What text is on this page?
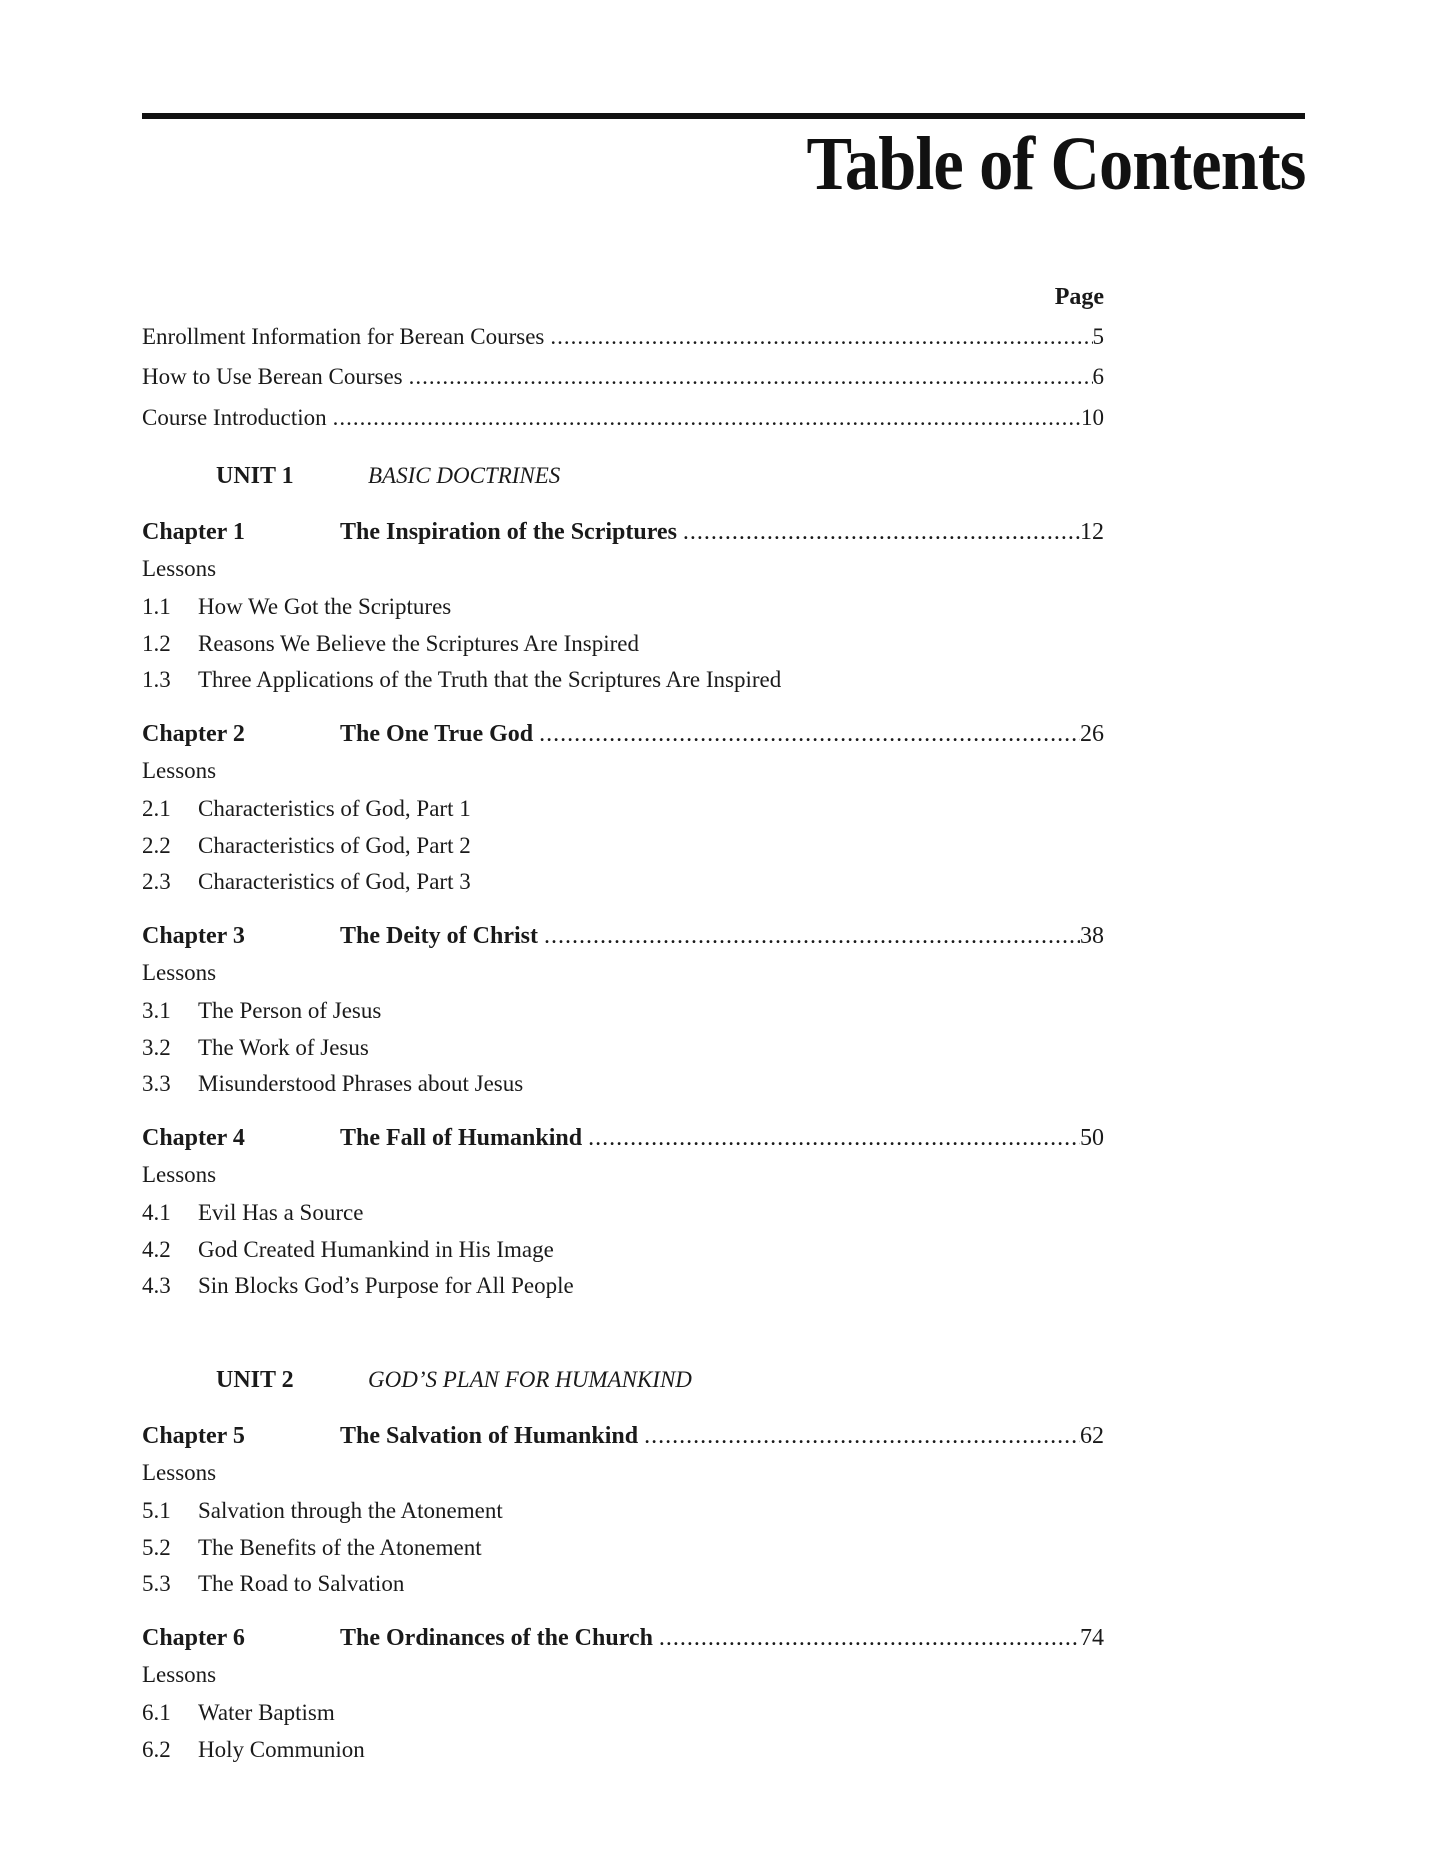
Table of Contents
Page
Enrollment Information for Berean Courses .....	5
How to Use Berean Courses .....	6
Course Introduction .....	10
UNIT 1	BASIC DOCTRINES
Chapter 1	The Inspiration of the Scriptures .....	12
Lessons
1.1 How We Got the Scriptures
1.2 Reasons We Believe the Scriptures Are Inspired
1.3 Three Applications of the Truth that the Scriptures Are Inspired
Chapter 2	The One True God .....	26
Lessons
2.1 Characteristics of God, Part 1
2.2 Characteristics of God, Part 2
2.3 Characteristics of God, Part 3
Chapter 3	The Deity of Christ .....	38
Lessons
3.1 The Person of Jesus
3.2 The Work of Jesus
3.3 Misunderstood Phrases about Jesus
Chapter 4	The Fall of Humankind .....	50
Lessons
4.1 Evil Has a Source
4.2 God Created Humankind in His Image
4.3 Sin Blocks God’s Purpose for All People
UNIT 2	GOD’S PLAN FOR HUMANKIND
Chapter 5	The Salvation of Humankind .....	62
Lessons
5.1 Salvation through the Atonement
5.2 The Benefits of the Atonement
5.3 The Road to Salvation
Chapter 6	The Ordinances of the Church .....	74
Lessons
6.1 Water Baptism
6.2 Holy Communion
